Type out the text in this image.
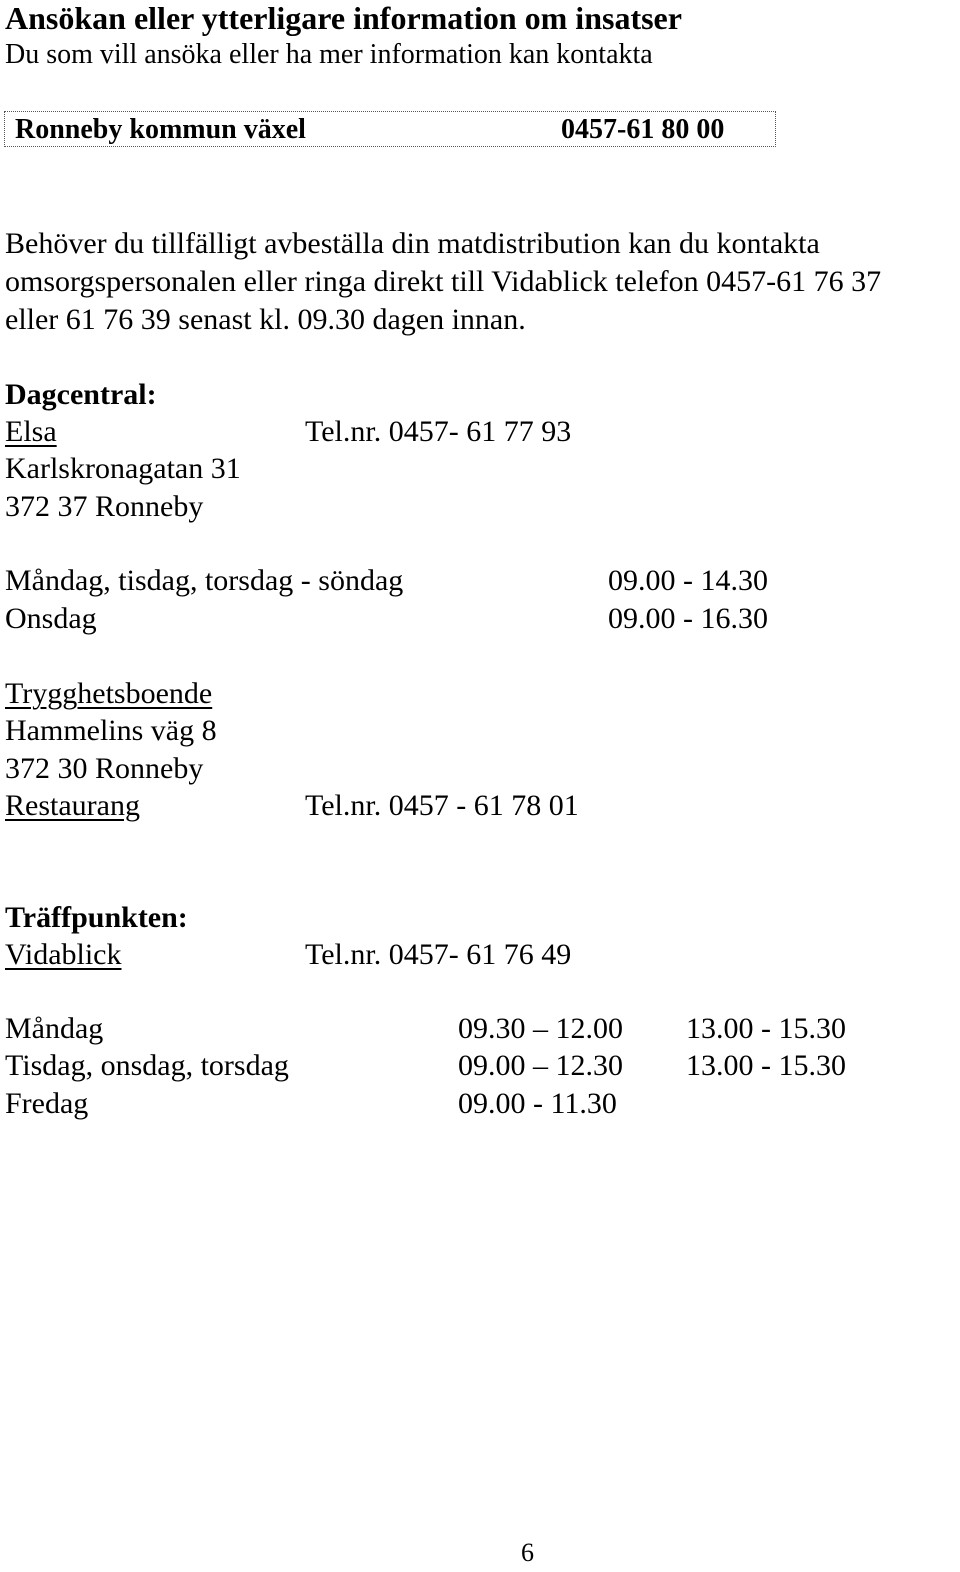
Ansökan eller ytterligare information om insatser
Du som vill ansöka eller ha mer information kan kontakta
Ronneby kommun växel	0457-61 80 00
Behöver du tillfälligt avbeställa din matdistribution kan du kontakta
omsorgspersonalen eller ringa direkt till Vidablick telefon 0457-61 76 37
eller 61 76 39 senast kl. 09.30 dagen innan.
Dagcentral:
Elsa	Tel.nr. 0457- 61 77 93
Karlskronagatan 31
372 37 Ronneby
Måndag, tisdag, torsdag - söndag	09.00 - 14.30
Onsdag	09.00 - 16.30
Trygghetsboende
Hammelins väg 8
372 30 Ronneby
Restaurang	Tel.nr. 0457 - 61 78 01
Träffpunkten:
Vidablick	Tel.nr. 0457- 61 76 49
Måndag	09.30 – 12.00 13.00 - 15.30
Tisdag, onsdag, torsdag	09.00 – 12.30 13.00 - 15.30
Fredag	09.00 - 11.30
6
